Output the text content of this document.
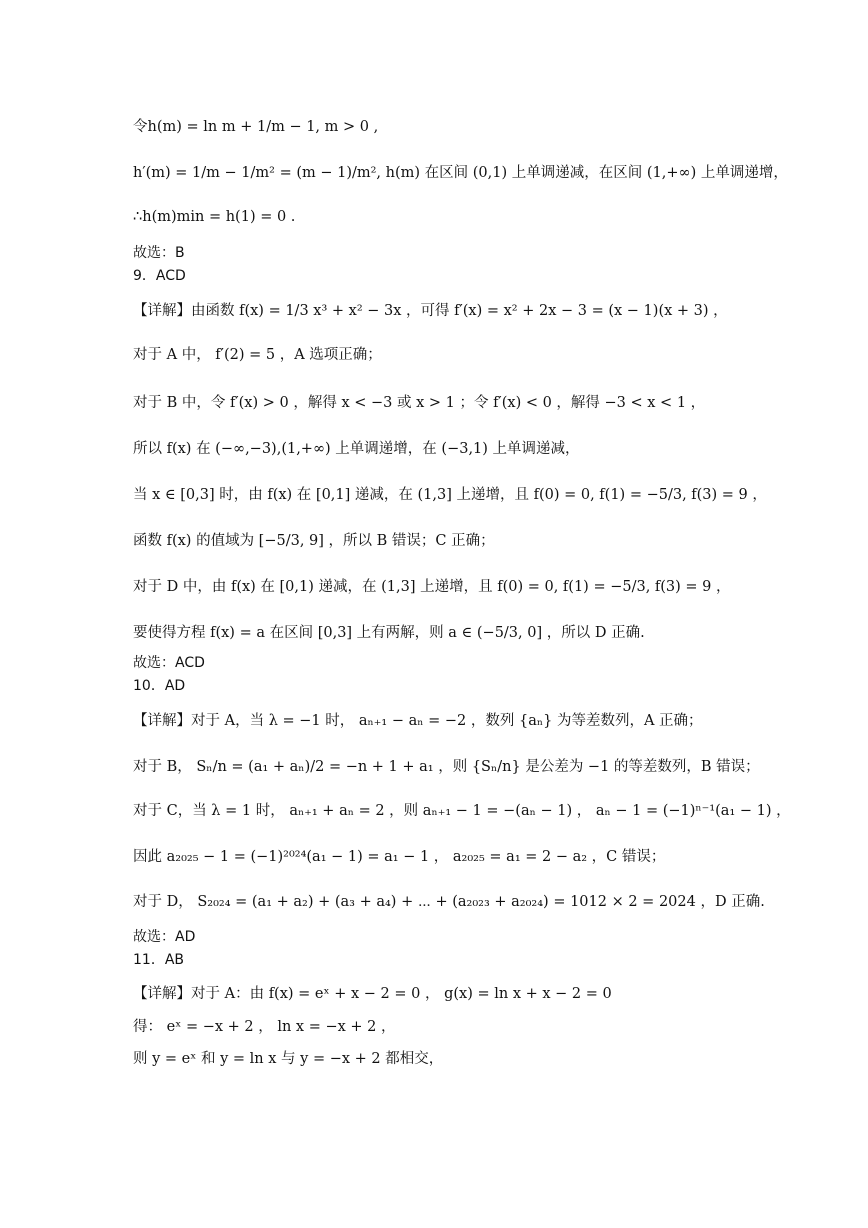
令h(m) = ln m + 1/m − 1, m > 0 ,
h′(m) = 1/m − 1/m² = (m − 1)/m², h(m) 在区间 (0,1) 上单调递减，在区间 (1,+∞) 上单调递增，
∴h(m)min = h(1) = 0 .
故选：B
9．ACD
【详解】由函数 f(x) = 1/3 x³ + x² − 3x ，可得 f′(x) = x² + 2x − 3 = (x − 1)(x + 3) ，
对于 A 中， f′(2) = 5 ，A 选项正确；
对于 B 中，令 f′(x) > 0 ，解得 x < −3 或 x > 1 ；令 f′(x) < 0 ，解得 −3 < x < 1 ，
所以 f(x) 在 (−∞,−3),(1,+∞) 上单调递增，在 (−3,1) 上单调递减，
当 x ∈ [0,3] 时，由 f(x) 在 [0,1] 递减，在 (1,3] 上递增，且 f(0) = 0, f(1) = −5/3, f(3) = 9 ，
函数 f(x) 的值域为 [−5/3, 9] ，所以 B 错误；C 正确；
对于 D 中，由 f(x) 在 [0,1) 递减，在 (1,3] 上递增，且 f(0) = 0, f(1) = −5/3, f(3) = 9 ，
要使得方程 f(x) = a 在区间 [0,3] 上有两解，则 a ∈ (−5/3, 0] ，所以 D 正确.
故选：ACD
10．AD
【详解】对于 A，当 λ = −1 时， aₙ₊₁ − aₙ = −2 ，数列 {aₙ} 为等差数列，A 正确；
对于 B， Sₙ/n = (a₁ + aₙ)/2 = −n + 1 + a₁ ，则 {Sₙ/n} 是公差为 −1 的等差数列，B 错误；
对于 C，当 λ = 1 时， aₙ₊₁ + aₙ = 2 ，则 aₙ₊₁ − 1 = −(aₙ − 1) ， aₙ − 1 = (−1)ⁿ⁻¹(a₁ − 1) ，
因此 a₂₀₂₅ − 1 = (−1)²⁰²⁴(a₁ − 1) = a₁ − 1 ， a₂₀₂₅ = a₁ = 2 − a₂ ，C 错误；
对于 D， S₂₀₂₄ = (a₁ + a₂) + (a₃ + a₄) + ⋯ + (a₂₀₂₃ + a₂₀₂₄) = 1012 × 2 = 2024 ，D 正确.
故选：AD
11．AB
【详解】对于 A：由 f(x) = eˣ + x − 2 = 0 ， g(x) = ln x + x − 2 = 0
得： eˣ = −x + 2 ， ln x = −x + 2 ，
则 y = eˣ 和 y = ln x 与 y = −x + 2 都相交，
